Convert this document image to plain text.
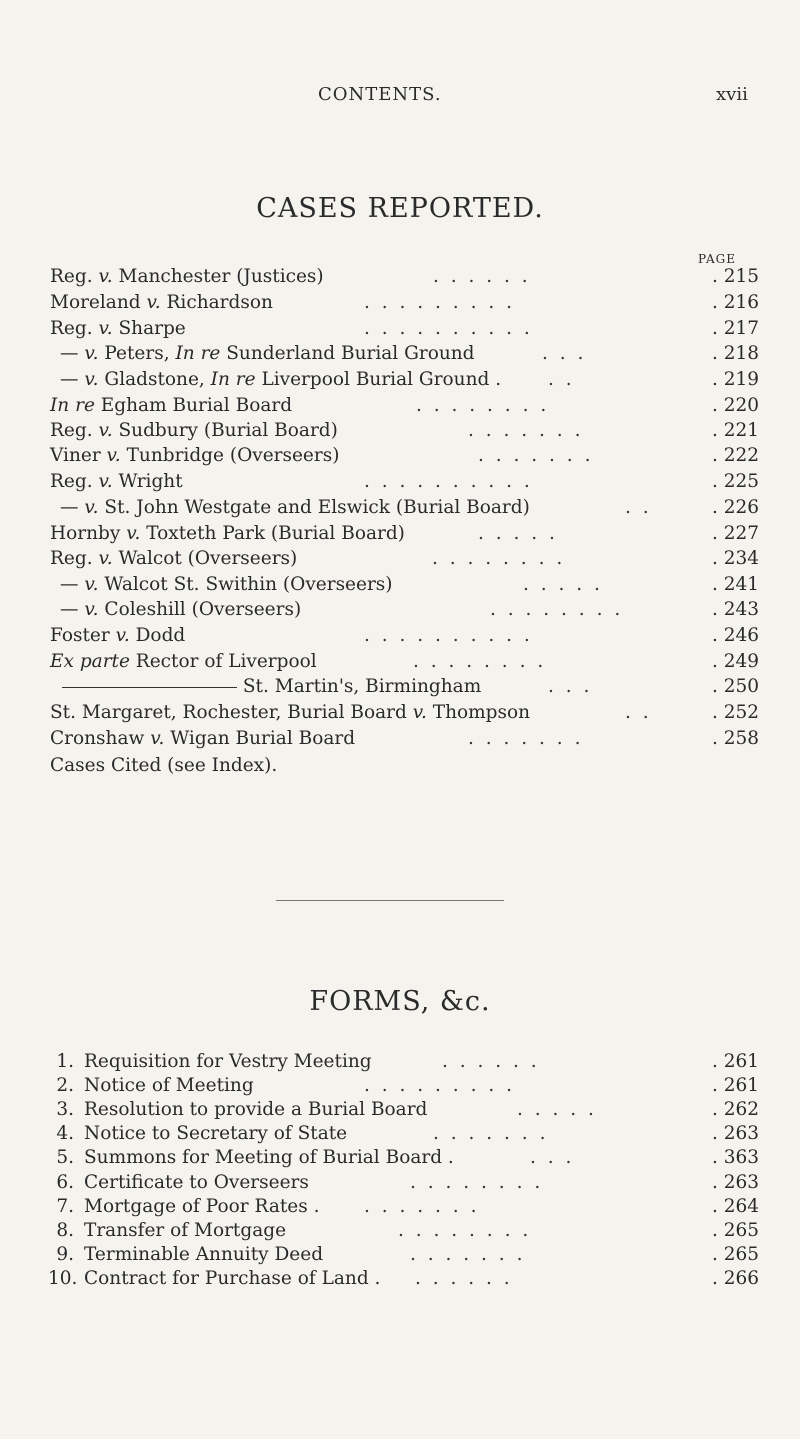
CONTENTS.	xvii
CASES REPORTED.
PAGE
Reg. v. Manchester (Justices)	. . . . . .	. 215
Moreland v. Richardson	. . . . . . . . .	. 216
Reg. v. Sharpe	. . . . . . . . . .	. 217
— v. Peters, In re Sunderland Burial Ground	. . .	. 218
— v. Gladstone, In re Liverpool Burial Ground .	. .	. 219
In re Egham Burial Board	. . . . . . . .	. 220
Reg. v. Sudbury (Burial Board)	. . . . . . .	. 221
Viner v. Tunbridge (Overseers)	. . . . . . .	. 222
Reg. v. Wright	. . . . . . . . . .	. 225
— v. St. John Westgate and Elswick (Burial Board)	. .	. 226
Hornby v. Toxteth Park (Burial Board)	. . . . .	. 227
Reg. v. Walcot (Overseers)	. . . . . . . .	. 234
— v. Walcot St. Swithin (Overseers)	. . . . .	. 241
— v. Coleshill (Overseers)	. . . . . . . .	. 243
Foster v. Dodd	. . . . . . . . . .	. 246
Ex parte Rector of Liverpool	. . . . . . . .	. 249
St. Martin's, Birmingham	. . .	. 250
St. Margaret, Rochester, Burial Board v. Thompson	. .	. 252
Cronshaw v. Wigan Burial Board	. . . . . . .	. 258
Cases Cited (see Index).
FORMS, &c.
1. Requisition for Vestry Meeting	. . . . . .	. 261
2. Notice of Meeting	. . . . . . . . .	. 261
3. Resolution to provide a Burial Board	. . . . .	. 262
4. Notice to Secretary of State	. . . . . . .	. 263
5. Summons for Meeting of Burial Board .	. . .	. 363
6. Certificate to Overseers	. . . . . . . .	. 263
7. Mortgage of Poor Rates . . . . . . . .	. 264
8. Transfer of Mortgage	. . . . . . . .	. 265
9. Terminable Annuity Deed	. . . . . . .	. 265
10. Contract for Purchase of Land . . . . . . .	. 266
